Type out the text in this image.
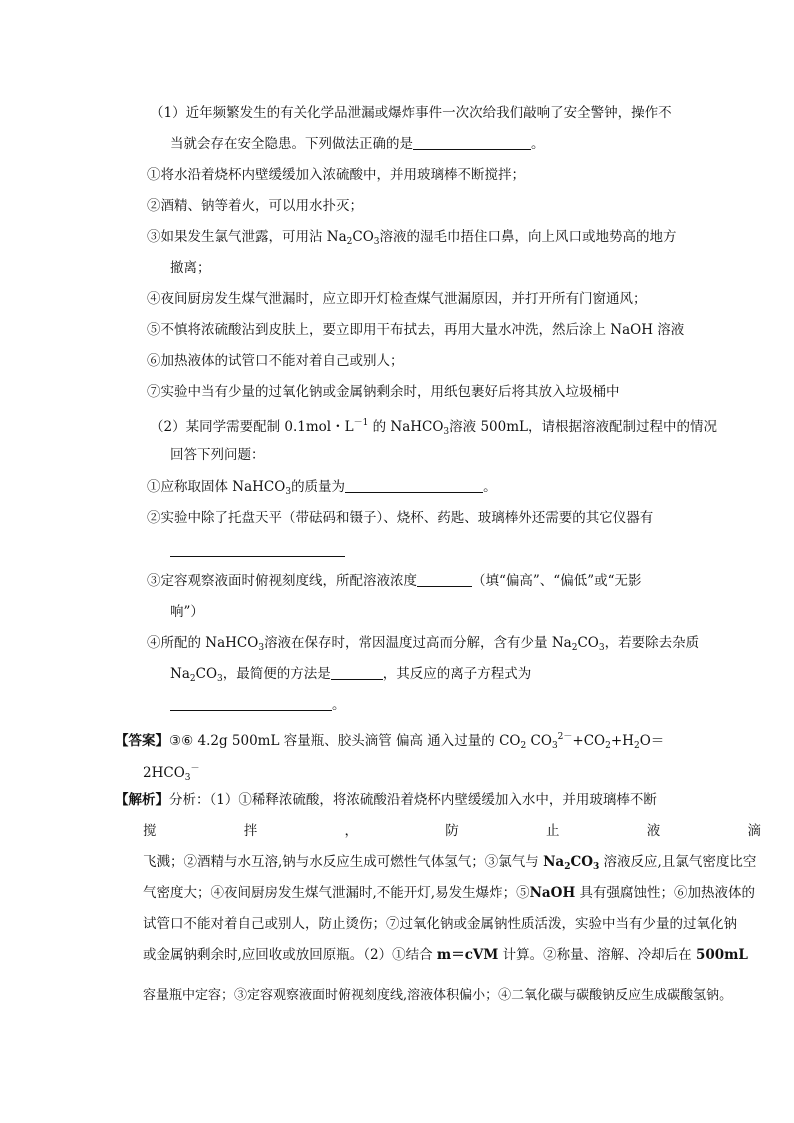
（1）近年频繁发生的有关化学品泄漏或爆炸事件一次次给我们敲响了安全警钟，操作不
当就会存在安全隐患。下列做法正确的是	。
①将水沿着烧杯内壁缓缓加入浓硫酸中，并用玻璃棒不断搅拌；
②酒精、钠等着火，可以用水扑灭；
③如果发生氯气泄露，可用沾 $Na_2CO_3$溶液的湿毛巾捂住口鼻，向上风口或地势高的地方
撤离；
④夜间厨房发生煤气泄漏时，应立即开灯检查煤气泄漏原因，并打开所有门窗通风；
⑤不慎将浓硫酸沾到皮肤上，要立即用干布拭去，再用大量水冲洗，然后涂上 NaOH 溶液
⑥加热液体的试管口不能对着自己或别人；
⑦实验中当有少量的过氧化钠或金属钠剩余时，用纸包裹好后将其放入垃圾桶中
（2）某同学需要配制 0.1mol・$L^{-1}$ 的 NaHCO$_3$溶液 500mL，请根据溶液配制过程中的情况
回答下列问题：
①应称取固体 NaHCO$_3$的质量为	。
②实验中除了托盘天平（带砝码和镊子）、烧杯、药匙、玻璃棒外还需要的其它仪器有
③定容观察液面时俯视刻度线，所配溶液浓度	（填“偏高”、“偏低”或“无影
响”）
④所配的 NaHCO$_3$溶液在保存时，常因温度过高而分解，含有少量 $Na_2CO_3$，若要除去杂质
$Na_2CO_3$，最简便的方法是	，其反应的离子方程式为
。
【答案】③⑥ 4.2g 500mL 容量瓶、胶头滴管 偏高 通入过量的 $CO_2$ $CO_3^{2-}+CO_2+H_2O=$
$2HCO_3^-$
【解析】分析：（1）①稀释浓硫酸，将浓硫酸沿着烧杯内壁缓缓加入水中，并用玻璃棒不断
搅	拌	，	防	止	液	滴
飞溅；②酒精与水互溶,钠与水反应生成可燃性气体氢气；③氯气与 $Na_2CO_3$ 溶液反应,且氯气密度比空
气密度大；④夜间厨房发生煤气泄漏时,不能开灯,易发生爆炸；⑤NaOH 具有强腐蚀性；⑥加热液体的
试管口不能对着自己或别人，防止烫伤；⑦过氧化钠或金属钠性质活泼，实验中当有少量的过氧化钠
或金属钠剩余时,应回收或放回原瓶。（2）①结合 m＝cVM 计算。②称量、溶解、冷却后在 500mL
容量瓶中定容；③定容观察液面时俯视刻度线,溶液体积偏小；④二氧化碳与碳酸钠反应生成碳酸氢钠。
